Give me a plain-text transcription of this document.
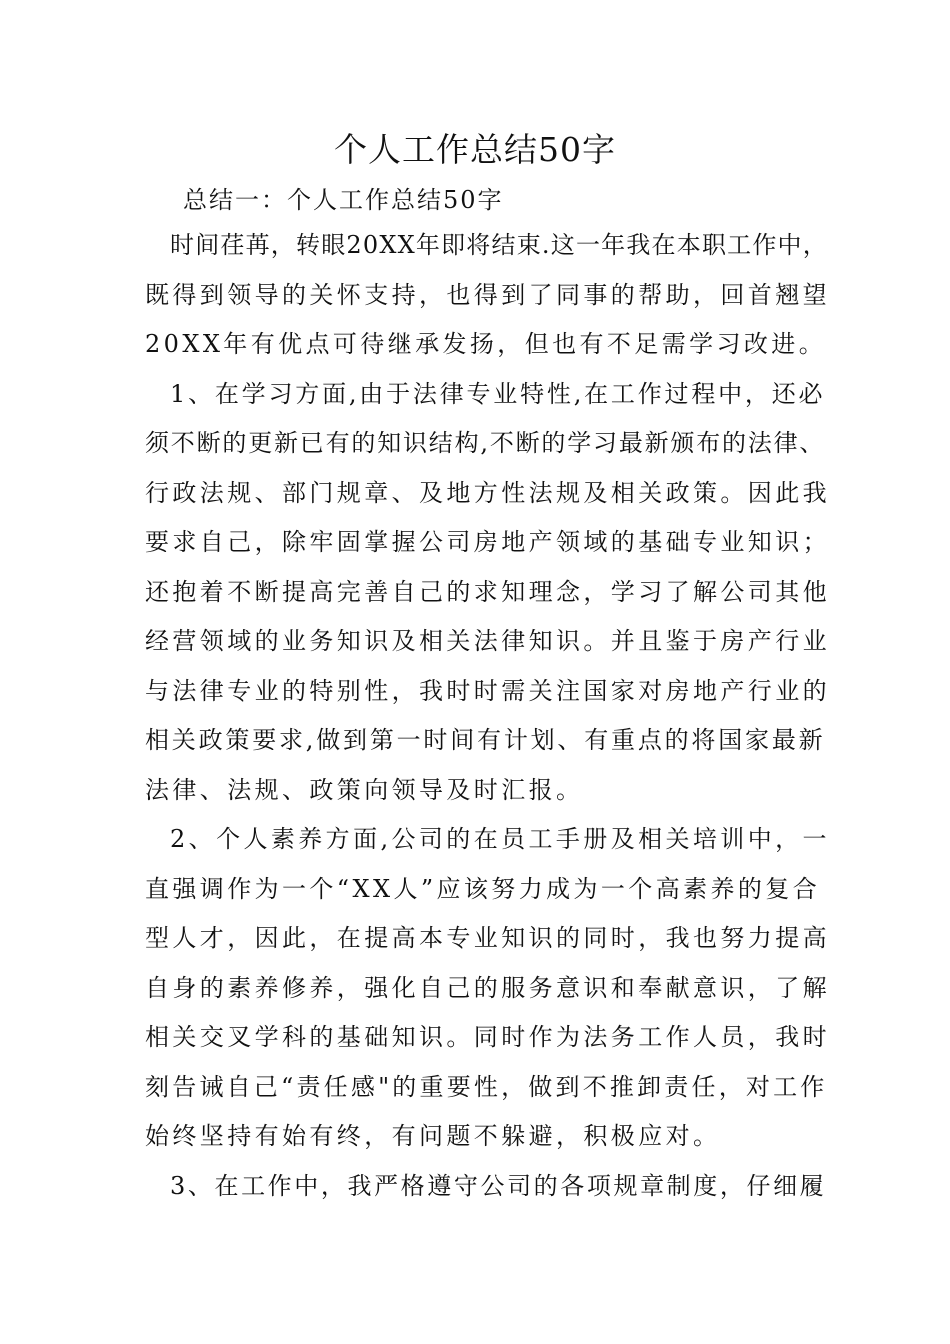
个人工作总结50字

总结一：个人工作总结50字

时间荏苒，转眼20XX年即将结束.这一年我在本职工作中，
既得到领导的关怀支持，也得到了同事的帮助，回首翘望
20XX年有优点可待继承发扬，但也有不足需学习改进。
1、在学习方面,由于法律专业特性,在工作过程中，还必
须不断的更新已有的知识结构,不断的学习最新颁布的法律、
行政法规、部门规章、及地方性法规及相关政策。因此我
要求自己，除牢固掌握公司房地产领域的基础专业知识；
还抱着不断提高完善自己的求知理念，学习了解公司其他
经营领域的业务知识及相关法律知识。并且鉴于房产行业
与法律专业的特别性，我时时需关注国家对房地产行业的
相关政策要求,做到第一时间有计划、有重点的将国家最新
法律、法规、政策向领导及时汇报。
2、个人素养方面,公司的在员工手册及相关培训中，一
直强调作为一个“XX人”应该努力成为一个高素养的复合
型人才，因此，在提高本专业知识的同时，我也努力提高
自身的素养修养，强化自己的服务意识和奉献意识，了解
相关交叉学科的基础知识。同时作为法务工作人员，我时
刻告诫自己“责任感"的重要性，做到不推卸责任，对工作
始终坚持有始有终，有问题不躲避，积极应对。
3、在工作中，我严格遵守公司的各项规章制度，仔细履
